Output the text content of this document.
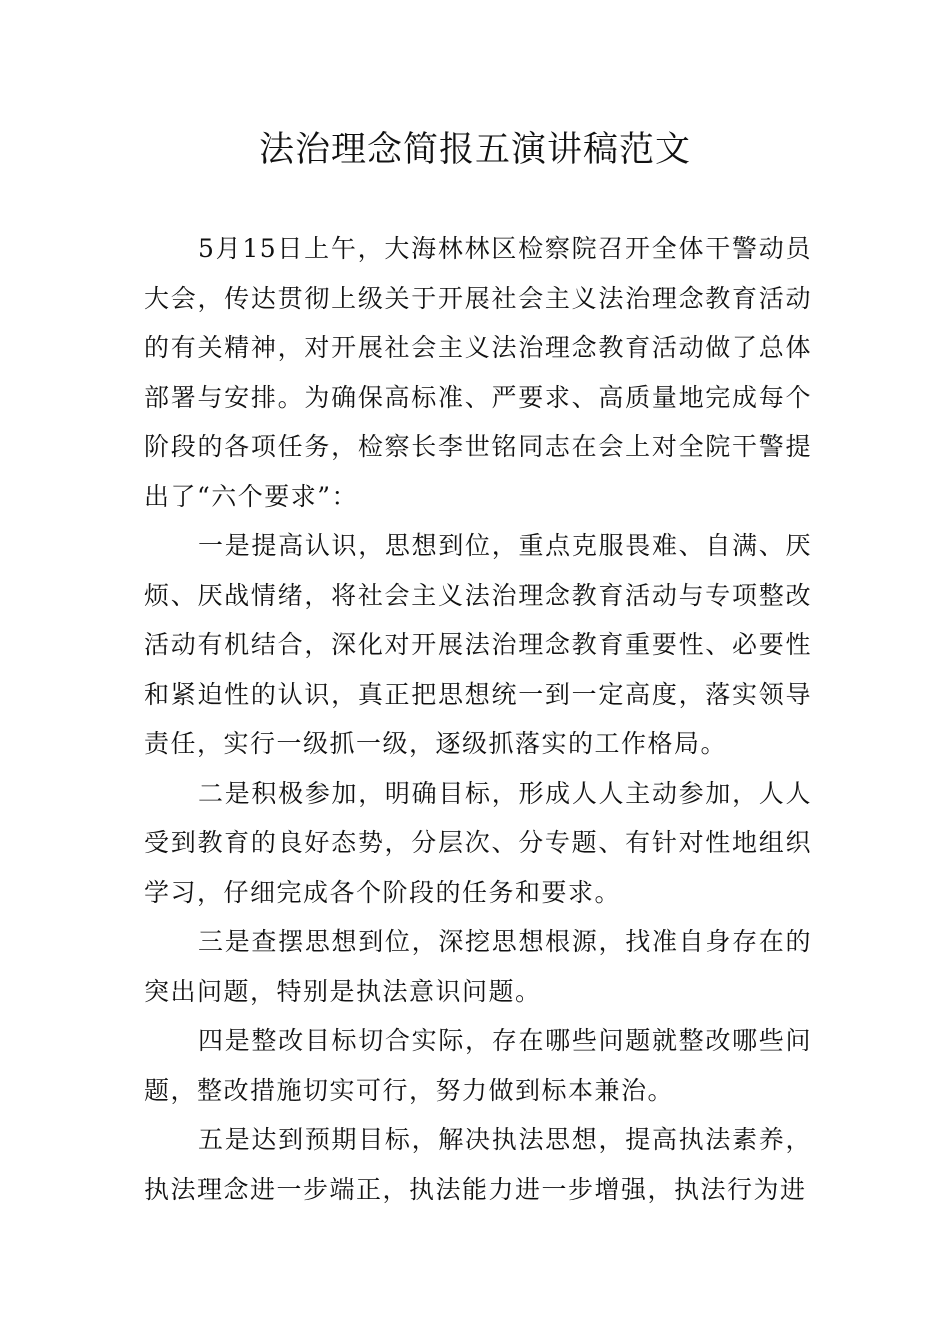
法治理念简报五演讲稿范文

5月15日上午，大海林林区检察院召开全体干警动员大会，传达贯彻上级关于开展社会主义法治理念教育活动的有关精神，对开展社会主义法治理念教育活动做了总体部署与安排。为确保高标准、严要求、高质量地完成每个阶段的各项任务，检察长李世铭同志在会上对全院干警提出了“六个要求”：

一是提高认识，思想到位，重点克服畏难、自满、厌烦、厌战情绪，将社会主义法治理念教育活动与专项整改活动有机结合，深化对开展法治理念教育重要性、必要性和紧迫性的认识，真正把思想统一到一定高度，落实领导责任，实行一级抓一级，逐级抓落实的工作格局。

二是积极参加，明确目标，形成人人主动参加，人人受到教育的良好态势，分层次、分专题、有针对性地组织学习，仔细完成各个阶段的任务和要求。

三是查摆思想到位，深挖思想根源，找准自身存在的突出问题，特别是执法意识问题。

四是整改目标切合实际，存在哪些问题就整改哪些问题，整改措施切实可行，努力做到标本兼治。

五是达到预期目标，解决执法思想，提高执法素养，执法理念进一步端正，执法能力进一步增强，执法行为进
